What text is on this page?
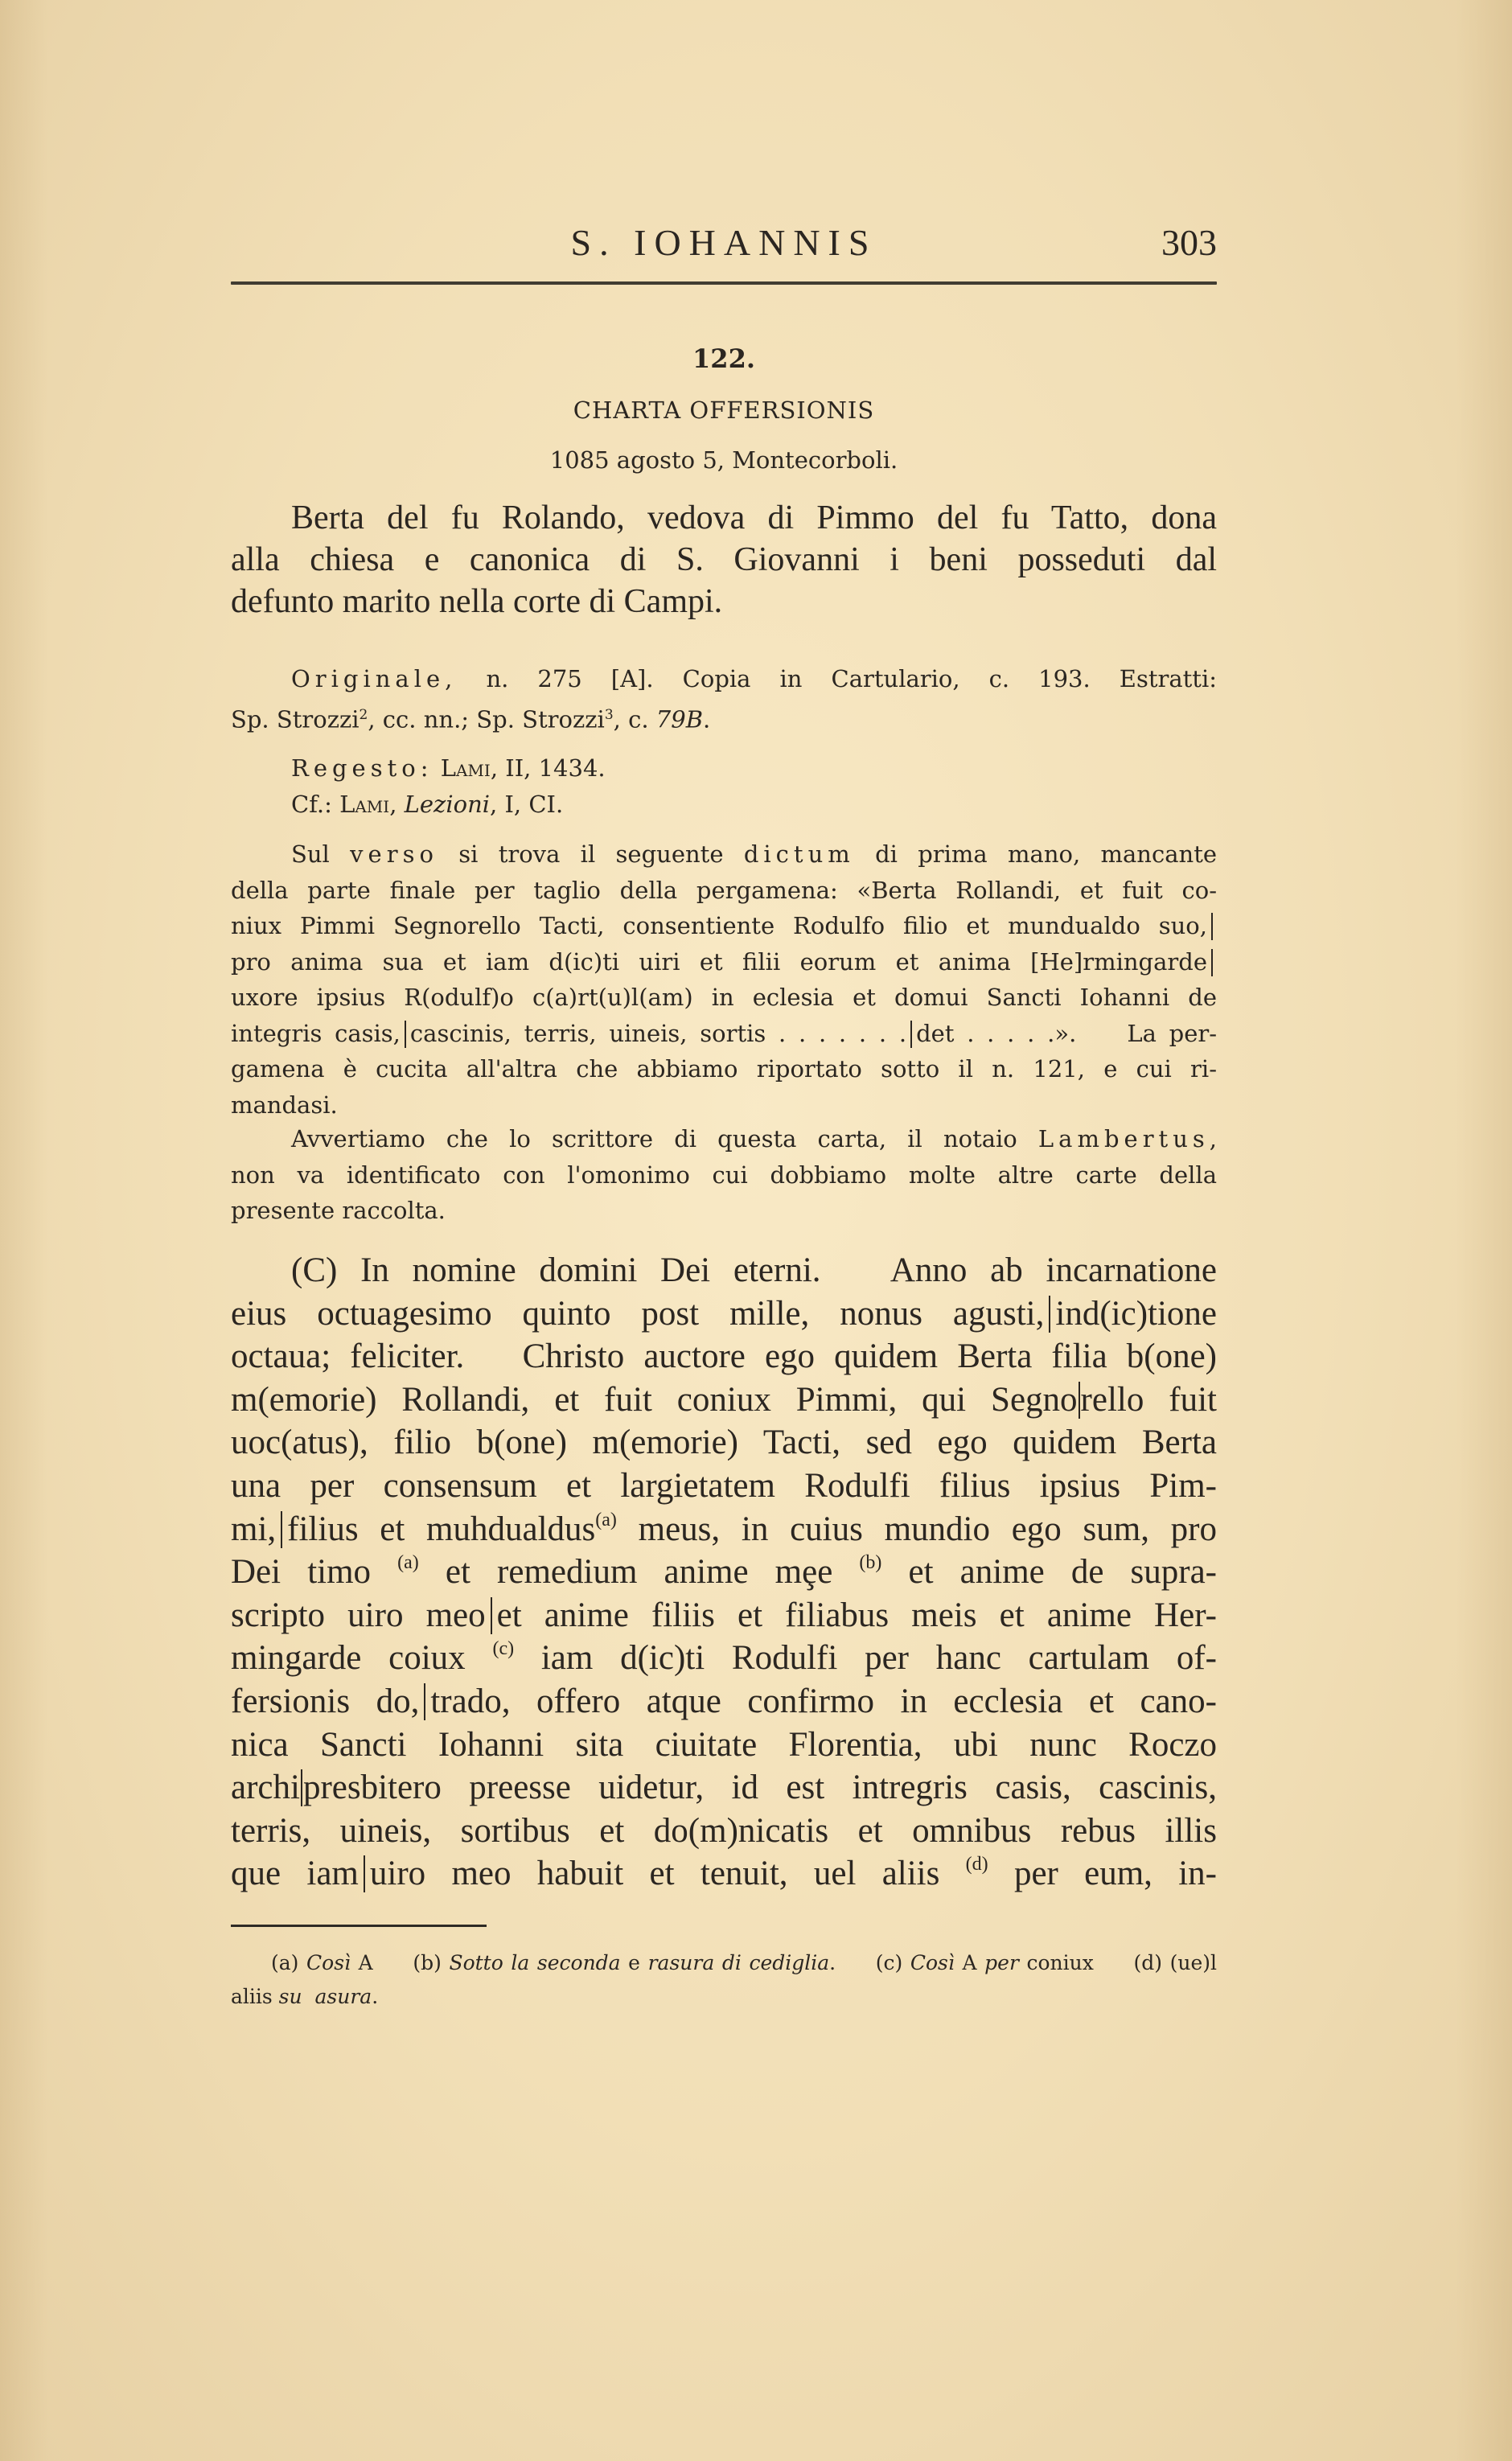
S. IOHANNIS	303
122.
CHARTA OFFERSIONIS
1085 agosto 5, Montecorboli.
Berta del fu Rolando, vedova di Pimmo del fu Tatto, dona
alla chiesa e canonica di S. Giovanni i beni posseduti dal
defunto marito nella corte di Campi.
Originale, n. 275 [A]. Copia in Cartulario, c. 193. Estratti:
Sp. Strozzi$^2$, cc. nn.; Sp. Strozzi$^3$, c. 79B.
Regesto: Lami, II, 1434.
Cf.: Lami, Lezioni, I, CI.
Sul verso si trova il seguente dictum di prima mano, mancante
della parte finale per taglio della pergamena: «Berta Rollandi, et fuit co-
niux Pimmi Segnorello Tacti, consentiente Rodulfo filio et mundualdo suo,
pro anima sua et iam d(ic)ti uiri et filii eorum et anima [He]rmingarde
uxore ipsius R(odulf)o c(a)rt(u)l(am) in eclesia et domui Sancti Iohanni de
integris casis, cascinis, terris, uineis, sortis . . . . . . . det . . . . .». La per-
gamena è cucita all'altra che abbiamo riportato sotto il n. 121, e cui ri-
mandasi.
Avvertiamo che lo scrittore di questa carta, il notaio Lambertus,
non va identificato con l'omonimo cui dobbiamo molte altre carte della
presente raccolta.
(C) In nomine domini Dei eterni. Anno ab incarnatione
eius octuagesimo quinto post mille, nonus agusti, ind(ic)tione
octaua; feliciter. Christo auctore ego quidem Berta filia b(one)
m(emorie) Rollandi, et fuit coniux Pimmi, qui Segnorello fuit
uoc(atus), filio b(one) m(emorie) Tacti, sed ego quidem Berta
una per consensum et largietatem Rodulfi filius ipsius Pim-
mi, filius et muhdualdus$^{(a)}$ meus, in cuius mundio ego sum, pro
Dei timo $^{(a)}$ et remedium anime mȩe $^{(b)}$ et anime de supra-
scripto uiro meo et anime filiis et filiabus meis et anime Her-
mingarde coiux $^{(c)}$ iam d(ic)ti Rodulfi per hanc cartulam of-
fersionis do, trado, offero atque confirmo in ecclesia et cano-
nica Sancti Iohanni sita ciuitate Florentia, ubi nunc Roczo
archipresbitero preesse uidetur, id est intregris casis, cascinis,
terris, uineis, sortibus et do(m)nicatis et omnibus rebus illis
que iam uiro meo habuit et tenuit, uel aliis $^{(d)}$ per eum, in-
(a) Così A (b) Sotto la seconda e rasura di cediglia. (c) Così A per coniux (d) (ue)l
aliis su asura.
